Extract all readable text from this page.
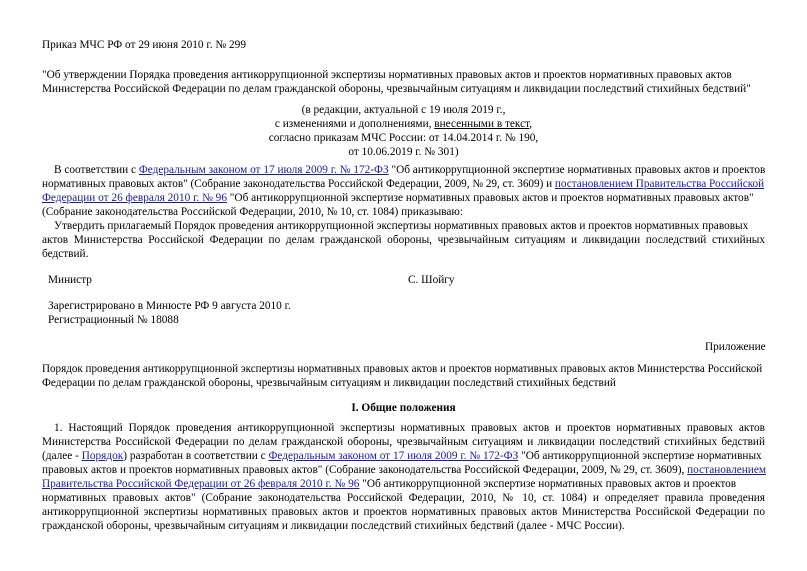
Приказ МЧС РФ от 29 июня 2010 г. № 299
"Об утверждении Порядка проведения антикоррупционной экспертизы нормативных правовых актов и проектов нормативных правовых актов
Министерства Российской Федерации по делам гражданской обороны, чрезвычайным ситуациям и ликвидации последствий стихийных бедствий"
(в редакции, актуальной с 19 июля 2019 г.,
с изменениями и дополнениями, внесенными в текст,
согласно приказам МЧС России: от 14.04.2014 г. № 190,
от 10.06.2019 г. № 301)
В соответствии с Федеральным законом от 17 июля 2009 г. № 172-ФЗ "Об антикоррупционной экспертизе нормативных правовых актов и проектов
нормативных правовых актов" (Собрание законодательства Российской Федерации, 2009, № 29, ст. 3609) и постановлением Правительства Российской
Федерации от 26 февраля 2010 г. № 96 "Об антикоррупционной экспертизе нормативных правовых актов и проектов нормативных правовых актов"
(Собрание законодательства Российской Федерации, 2010, № 10, ст. 1084) приказываю:
Утвердить прилагаемый Порядок проведения антикоррупционной экспертизы нормативных правовых актов и проектов нормативных правовых
актов Министерства Российской Федерации по делам гражданской обороны, чрезвычайным ситуациям и ликвидации последствий стихийных
бедствий.
Министр	С. Шойгу
Зарегистрировано в Минюсте РФ 9 августа 2010 г.
Регистрационный № 18088
Приложение
Порядок проведения антикоррупционной экспертизы нормативных правовых актов и проектов нормативных правовых актов Министерства Российской
Федерации по делам гражданской обороны, чрезвычайным ситуациям и ликвидации последствий стихийных бедствий
I. Общие положения
1. Настоящий Порядок проведения антикоррупционной экспертизы нормативных правовых актов и проектов нормативных правовых актов
Министерства Российской Федерации по делам гражданской обороны, чрезвычайным ситуациям и ликвидации последствий стихийных бедствий
(далее - Порядок) разработан в соответствии с Федеральным законом от 17 июля 2009 г. № 172-ФЗ "Об антикоррупционной экспертизе нормативных
правовых актов и проектов нормативных правовых актов" (Собрание законодательства Российской Федерации, 2009, № 29, ст. 3609), постановлением
Правительства Российской Федерации от 26 февраля 2010 г. № 96 "Об антикоррупционной экспертизе нормативных правовых актов и проектов
нормативных правовых актов" (Собрание законодательства Российской Федерации, 2010, № 10, ст. 1084) и определяет правила проведения
антикоррупционной экспертизы нормативных правовых актов и проектов нормативных правовых актов Министерства Российской Федерации по
гражданской обороны, чрезвычайным ситуациям и ликвидации последствий стихийных бедствий (далее - МЧС России).
